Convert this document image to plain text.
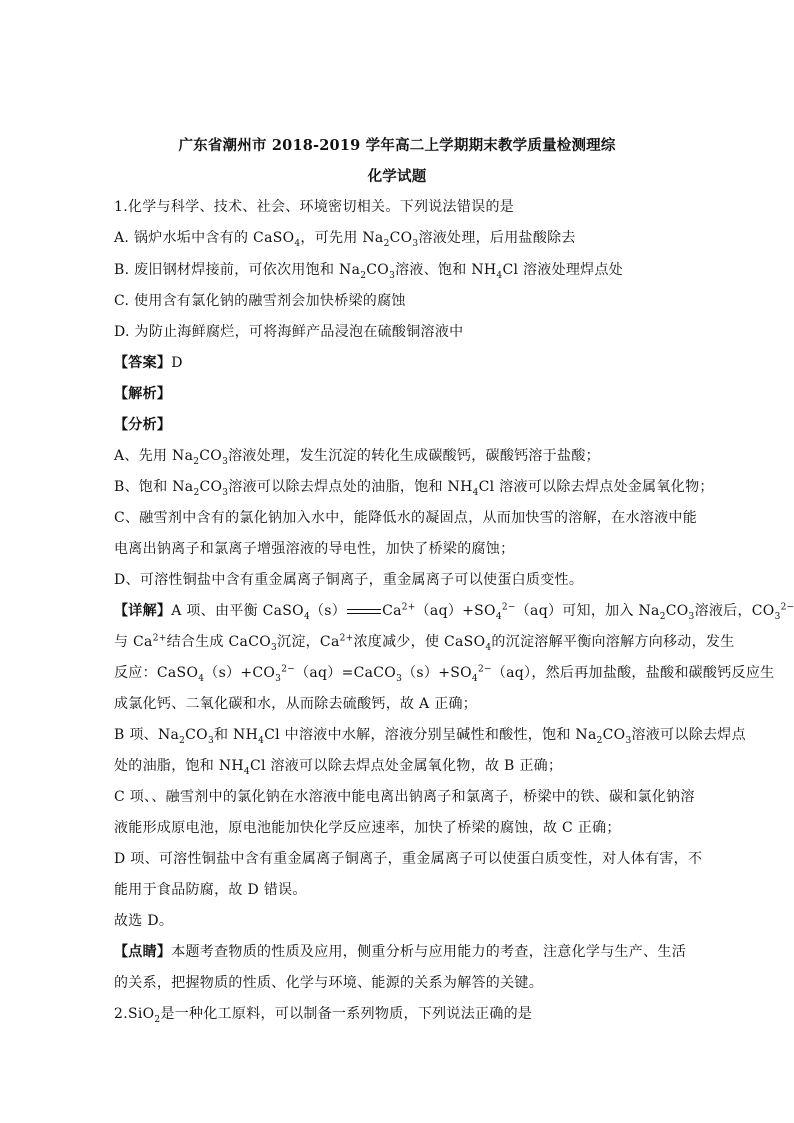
广东省潮州市 2018-2019 学年高二上学期期末教学质量检测理综
化学试题
1.化学与科学、技术、社会、环境密切相关。下列说法错误的是
A. 锅炉水垢中含有的 CaSO$_4$，可先用 $Na_2CO_3$溶液处理，后用盐酸除去
B. 废旧钢材焊接前，可依次用饱和 $Na_2CO_3$溶液、饱和 $NH_4Cl$ 溶液处理焊点处
C. 使用含有氯化钠的融雪剂会加快桥梁的腐蚀
D. 为防止海鲜腐烂，可将海鲜产品浸泡在硫酸铜溶液中
【答案】D
【解析】
【分析】
A、先用 $Na_2CO_3$溶液处理，发生沉淀的转化生成碳酸钙，碳酸钙溶于盐酸；
B、饱和 $Na_2CO_3$溶液可以除去焊点处的油脂，饱和 $NH_4Cl$ 溶液可以除去焊点处金属氧化物；
C、融雪剂中含有的氯化钠加入水中，能降低水的凝固点，从而加快雪的溶解，在水溶液中能
电离出钠离子和氯离子增强溶液的导电性，加快了桥梁的腐蚀；
D、可溶性铜盐中含有重金属离子铜离子，重金属离子可以使蛋白质变性。
【详解】A 项、由平衡 CaSO$_4$（s）	$Ca^{2+}(aq)+SO_4^{2-}(aq)$可知，加入 $Na_2CO_3$溶液后，$CO_3^{2-}$
与 $Ca^{2+}$结合生成 CaCO$_3$沉淀，$Ca^{2+}$浓度减少，使 CaSO$_4$的沉淀溶解平衡向溶解方向移动，发生
反应：$CaSO_4(s)+CO_3^{2-}(aq)=CaCO_3(s)+SO_4^{2-}(aq)$，然后再加盐酸，盐酸和碳酸钙反应生
成氯化钙、二氧化碳和水，从而除去硫酸钙，故 A 正确；
B 项、$Na_2CO_3$和 $NH_4Cl$ 中溶液中水解，溶液分别呈碱性和酸性，饱和 $Na_2CO_3$溶液可以除去焊点
处的油脂，饱和 $NH_4Cl$ 溶液可以除去焊点处金属氧化物，故 B 正确；
C 项、、融雪剂中的氯化钠在水溶液中能电离出钠离子和氯离子，桥梁中的铁、碳和氯化钠溶
液能形成原电池，原电池能加快化学反应速率，加快了桥梁的腐蚀，故 C 正确；
D 项、可溶性铜盐中含有重金属离子铜离子，重金属离子可以使蛋白质变性，对人体有害，不
能用于食品防腐，故 D 错误。
故选 D。
【点睛】本题考查物质的性质及应用，侧重分析与应用能力的考查，注意化学与生产、生活
的关系，把握物质的性质、化学与环境、能源的关系为解答的关键。
2.SiO$_2$是一种化工原料，可以制备一系列物质，下列说法正确的是
